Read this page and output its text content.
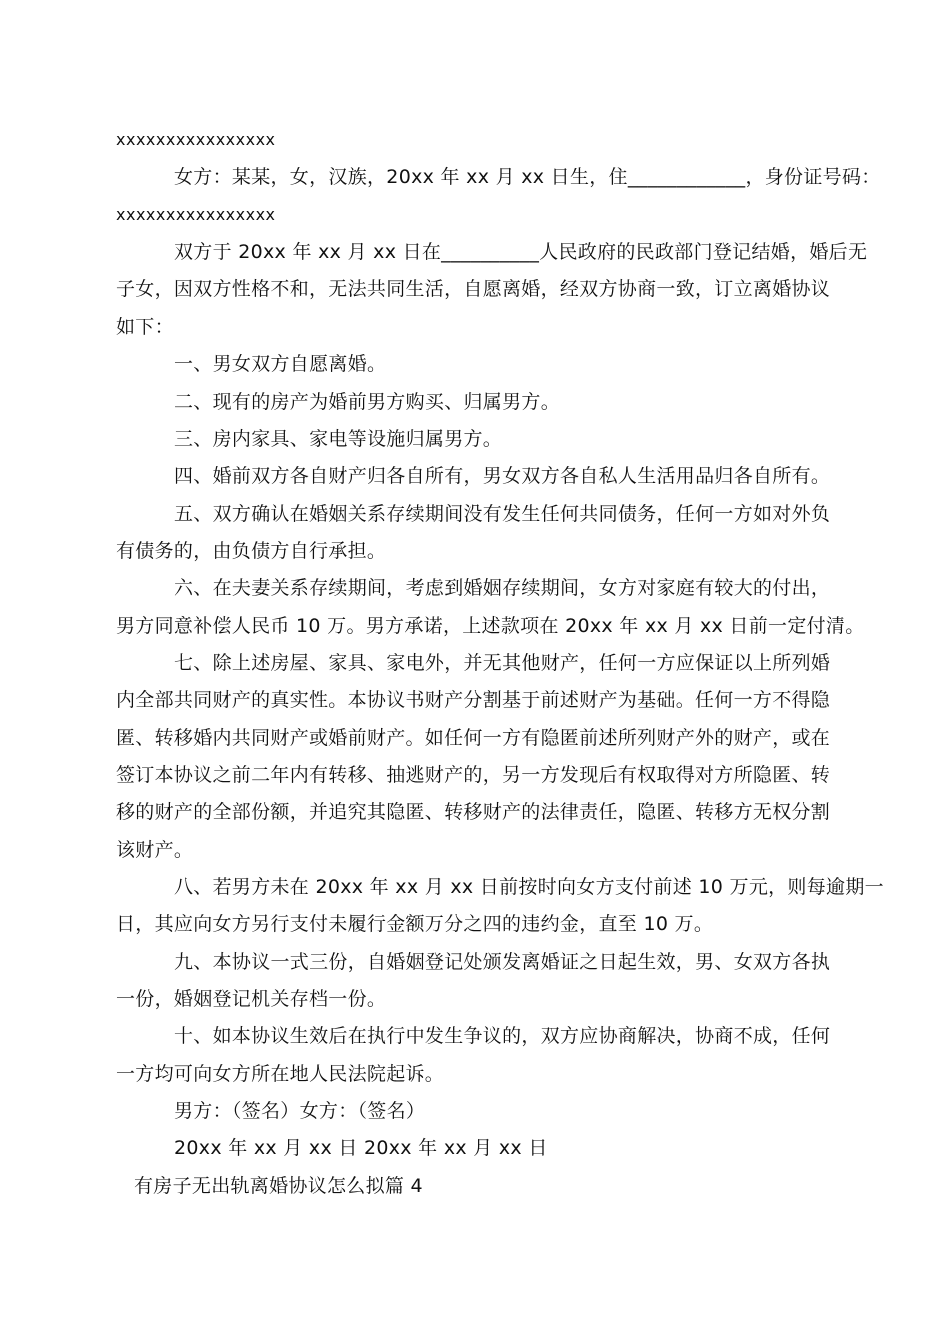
xxxxxxxxxxxxxxxx
女方：某某，女，汉族，20xx 年 xx 月 xx 日生，住____________，身份证号码：
xxxxxxxxxxxxxxxx
双方于 20xx 年 xx 月 xx 日在__________人民政府的民政部门登记结婚，婚后无
子女，因双方性格不和，无法共同生活，自愿离婚，经双方协商一致，订立离婚协议
如下：
一、男女双方自愿离婚。
二、现有的房产为婚前男方购买、归属男方。
三、房内家具、家电等设施归属男方。
四、婚前双方各自财产归各自所有，男女双方各自私人生活用品归各自所有。
五、双方确认在婚姻关系存续期间没有发生任何共同债务，任何一方如对外负
有债务的，由负债方自行承担。
六、在夫妻关系存续期间，考虑到婚姻存续期间，女方对家庭有较大的付出，
男方同意补偿人民币 10 万。男方承诺，上述款项在 20xx 年 xx 月 xx 日前一定付清。
七、除上述房屋、家具、家电外，并无其他财产，任何一方应保证以上所列婚
内全部共同财产的真实性。本协议书财产分割基于前述财产为基础。任何一方不得隐
匿、转移婚内共同财产或婚前财产。如任何一方有隐匿前述所列财产外的财产，或在
签订本协议之前二年内有转移、抽逃财产的，另一方发现后有权取得对方所隐匿、转
移的财产的全部份额，并追究其隐匿、转移财产的法律责任，隐匿、转移方无权分割
该财产。
八、若男方未在 20xx 年 xx 月 xx 日前按时向女方支付前述 10 万元，则每逾期一
日，其应向女方另行支付未履行金额万分之四的违约金，直至 10 万。
九、本协议一式三份，自婚姻登记处颁发离婚证之日起生效，男、女双方各执
一份，婚姻登记机关存档一份。
十、如本协议生效后在执行中发生争议的，双方应协商解决，协商不成，任何
一方均可向女方所在地人民法院起诉。
男方：（签名）女方：（签名）
20xx 年 xx 月 xx 日 20xx 年 xx 月 xx 日
有房子无出轨离婚协议怎么拟篇 4
